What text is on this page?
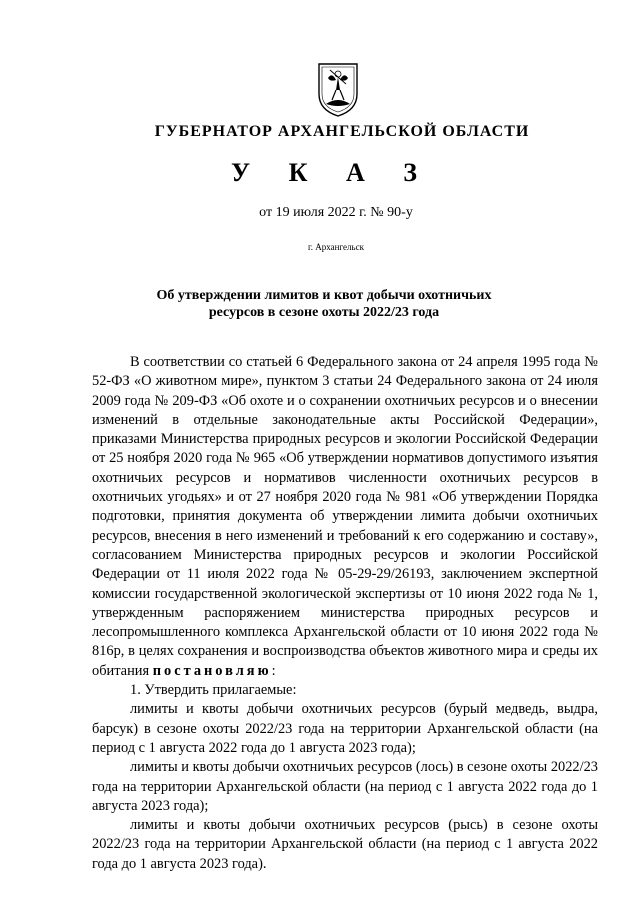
ГУБЕРНАТОР АРХАНГЕЛЬСКОЙ ОБЛАСТИ
У К А З
от 19 июля 2022 г. № 90-у
г. Архангельск
Об утверждении лимитов и квот добычи охотничьих
ресурсов в сезоне охоты 2022/23 года

В соответствии со статьей 6 Федерального закона от 24 апреля 1995 года № 52-ФЗ «О животном мире», пунктом 3 статьи 24 Федерального закона от 24 июля 2009 года № 209-ФЗ «Об охоте и о сохранении охотничьих ресурсов и о внесении изменений в отдельные законодательные акты Российской Федерации», приказами Министерства природных ресурсов и экологии Российской Федерации от 25 ноября 2020 года № 965 «Об утверждении нормативов допустимого изъятия охотничьих ресурсов и нормативов численности охотничьих ресурсов в охотничьих угодьях» и от 27 ноября 2020 года № 981 «Об утверждении Порядка подготовки, принятия документа об утверждении лимита добычи охотничьих ресурсов, внесения в него изменений и требований к его содержанию и составу», согласованием Министерства природных ресурсов и экологии Российской Федерации от 11 июля 2022 года № 05-29-29/26193, заключением экспертной комиссии государственной экологической экспертизы от 10 июня 2022 года № 1, утвержденным распоряжением министерства природных ресурсов и лесопромышленного комплекса Архангельской области от 10 июня 2022 года № 816р, в целях сохранения и воспроизводства объектов животного мира и среды их обитания постановляю:

1. Утвердить прилагаемые:

лимиты и квоты добычи охотничьих ресурсов (бурый медведь, выдра, барсук) в сезоне охоты 2022/23 года на территории Архангельской области (на период с 1 августа 2022 года до 1 августа 2023 года);

лимиты и квоты добычи охотничьих ресурсов (лось) в сезоне охоты 2022/23 года на территории Архангельской области (на период с 1 августа 2022 года до 1 августа 2023 года);

лимиты и квоты добычи охотничьих ресурсов (рысь) в сезоне охоты 2022/23 года на территории Архангельской области (на период с 1 августа 2022 года до 1 августа 2023 года).
